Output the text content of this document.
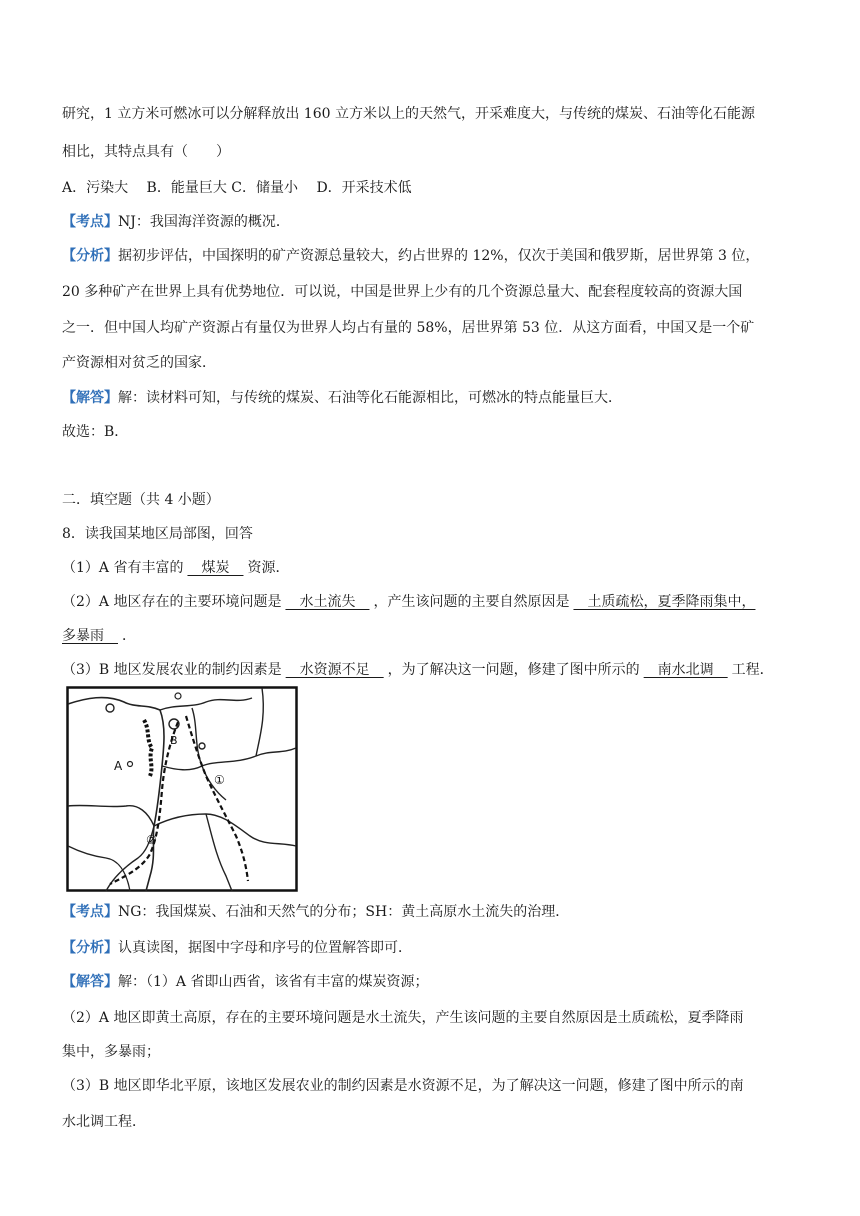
研究，1 立方米可燃冰可以分解释放出 160 立方米以上的天然气，开采难度大，与传统的煤炭、石油等化石能源
相比，其特点具有（　　）
A．污染大　 B．能量巨大 C．储量小　 D．开采技术低
【考点】NJ：我国海洋资源的概况．
【分析】据初步评估，中国探明的矿产资源总量较大，约占世界的 12%，仅次于美国和俄罗斯，居世界第 3 位，
20 多种矿产在世界上具有优势地位．可以说，中国是世界上少有的几个资源总量大、配套程度较高的资源大国
之一．但中国人均矿产资源占有量仅为世界人均占有量的 58%，居世界第 53 位．从这方面看，中国又是一个矿
产资源相对贫乏的国家．
【解答】解：读材料可知，与传统的煤炭、石油等化石能源相比，可燃冰的特点能量巨大．
故选：B．
二．填空题（共 4 小题）
8．读我国某地区局部图，回答
（1）A 省有丰富的　煤炭　资源．
（2）A 地区存在的主要环境问题是　水土流失　，产生该问题的主要自然原因是　土质疏松，夏季降雨集中，
多暴雨　．
（3）B 地区发展农业的制约因素是　水资源不足　，为了解决这一问题，修建了图中所示的　南水北调　工程．
A
B
①
②
【考点】NG：我国煤炭、石油和天然气的分布；SH：黄土高原水土流失的治理．
【分析】认真读图，据图中字母和序号的位置解答即可．
【解答】解：（1）A 省即山西省，该省有丰富的煤炭资源；
（2）A 地区即黄土高原，存在的主要环境问题是水土流失，产生该问题的主要自然原因是土质疏松，夏季降雨
集中，多暴雨；
（3）B 地区即华北平原，该地区发展农业的制约因素是水资源不足，为了解决这一问题，修建了图中所示的南
水北调工程．
